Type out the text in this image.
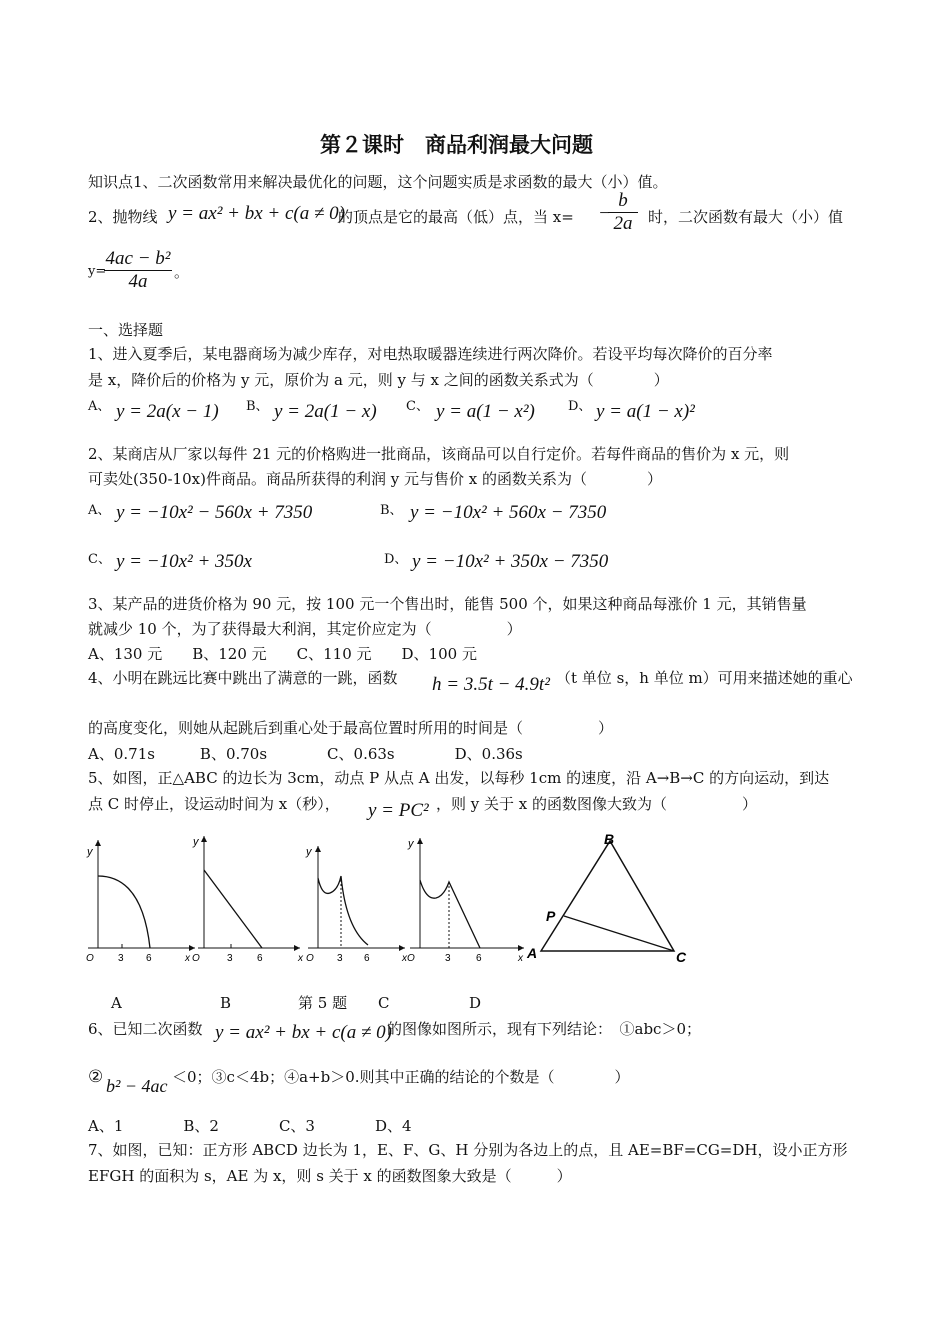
第２课时　商品利润最大问题
知识点1、二次函数常用来解决最优化的问题，这个问题实质是求函数的最大（小）值。
2、抛物线 y = ax² + bx + c(a ≠ 0)
的顶点是它的最高（低）点，当 x= −
$\frac{b}{2a}$ 时，二次函数有最大（小）值
y=
$\frac{\text{4ac − b²}}{4a}$ 。
一、选择题
1、进入夏季后，某电器商场为减少库存，对电热取暖器连续进行两次降价。若设平均每次降价的百分率
是 x，降价后的价格为 y 元，原价为 a 元，则 y 与 x 之间的函数关系式为（　　　　）
A、 y = 2a(x − 1) B、 y = 2a(1 − x) C、 y = a(1 − x²)	D、 y = a(1 − x)²
2、某商店从厂家以每件 21 元的价格购进一批商品，该商品可以自行定价。若每件商品的售价为 x 元，则
可卖处(350-10x)件商品。商品所获得的利润 y 元与售价 x 的函数关系为（　　　　）
A、 y = −10x² − 560x + 7350	B、 y = −10x² + 560x − 7350
C、 y = −10x² + 350x	D、 y = −10x² + 350x − 7350
3、某产品的进货价格为 90 元，按 100 元一个售出时，能售 500 个，如果这种商品每涨价 1 元，其销售量
就减少 10 个，为了获得最大利润，其定价应定为（　　　　　）
A、130 元　　B、120 元　　C、110 元　　D、100 元
4、小明在跳远比赛中跳出了满意的一跳，函数 h = 3.5t − 4.9t² （t 单位 s，h 单位 m）可用来描述她的重心
的高度变化，则她从起跳后到重心处于最高位置时所用的时间是（　　　　　）
A、0.71s　　　B、0.70s　　　　C、0.63s　　　　D、0.36s
5、如图，正△ABC 的边长为 3cm，动点 P 从点 A 出发，以每秒 1cm 的速度，沿 A→B→C 的方向运动，到达
点 C 时停止，设运动时间为 x（秒）， y = PC² ，则 y 关于 x 的函数图像大致为（　　　　　）
y
O 3 6	x
y
O	3 6	x
y
O 3 6	x
y
O	3	6	x
B
P
A	C
A	B	第 5 题 C	D
6、已知二次函数 y = ax² + bx + c(a ≠ 0)
的图像如图所示，现有下列结论：　①abc＞0；
② b² − 4ac ＜0；③c＜4b；④a+b＞0.则其中正确的结论的个数是（　　　　）
A、1　　　　B、2　　　　C、3　　　　D、4
7、如图，已知：正方形 ABCD 边长为 1，E、F、G、H 分别为各边上的点，且 AE=BF=CG=DH，设小正方形
EFGH 的面积为 s，AE 为 x，则 s 关于 x 的函数图象大致是（　　　）
